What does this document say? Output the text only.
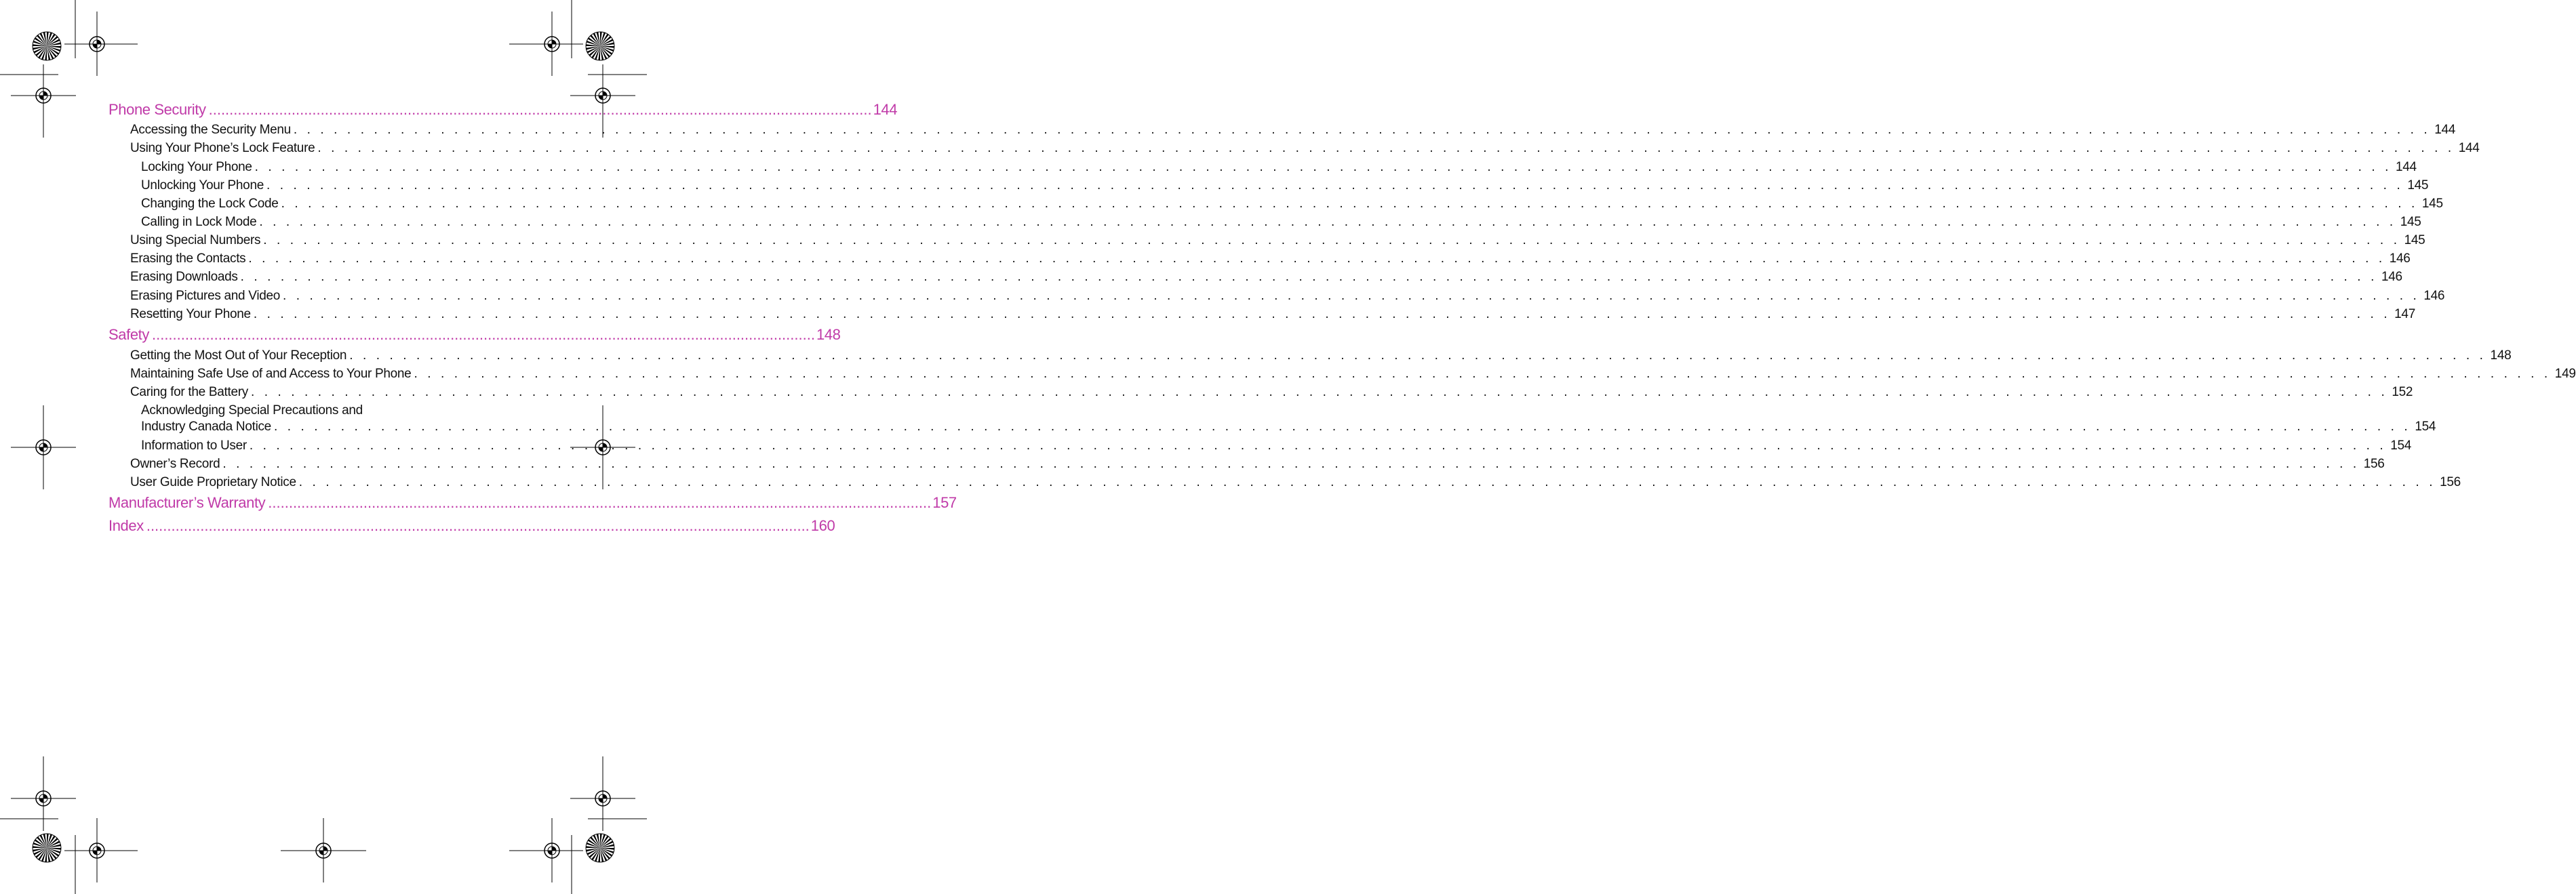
Phone Security ................................................................................................................................................................ 144
Accessing the Security Menu . . . . . . . . . . . . . . . . . . . . . . . . . . . . . . . . . . . . . . . . . . . . . . . . . . . . . . . . . . . . . . . . . . . . . . . . . . . . . . . . . . . . . . . . . . . . . . . . . . . . . . . . . . . . . . . . . . . . . . . . . . . . . . . . . . . . . . . . . . . . . . . . . . . . . . . . . . . . . . . . 144
Using Your Phone’s Lock Feature . . . . . . . . . . . . . . . . . . . . . . . . . . . . . . . . . . . . . . . . . . . . . . . . . . . . . . . . . . . . . . . . . . . . . . . . . . . . . . . . . . . . . . . . . . . . . . . . . . . . . . . . . . . . . . . . . . . . . . . . . . . . . . . . . . . . . . . . . . . . . . . . . . . . . . . . . . . . . . . . 144
Locking Your Phone . . . . . . . . . . . . . . . . . . . . . . . . . . . . . . . . . . . . . . . . . . . . . . . . . . . . . . . . . . . . . . . . . . . . . . . . . . . . . . . . . . . . . . . . . . . . . . . . . . . . . . . . . . . . . . . . . . . . . . . . . . . . . . . . . . . . . . . . . . . . . . . . . . . . . . . . . . . . . . . . 144
Unlocking Your Phone . . . . . . . . . . . . . . . . . . . . . . . . . . . . . . . . . . . . . . . . . . . . . . . . . . . . . . . . . . . . . . . . . . . . . . . . . . . . . . . . . . . . . . . . . . . . . . . . . . . . . . . . . . . . . . . . . . . . . . . . . . . . . . . . . . . . . . . . . . . . . . . . . . . . . . . . . . . . . . . . 145
Changing the Lock Code . . . . . . . . . . . . . . . . . . . . . . . . . . . . . . . . . . . . . . . . . . . . . . . . . . . . . . . . . . . . . . . . . . . . . . . . . . . . . . . . . . . . . . . . . . . . . . . . . . . . . . . . . . . . . . . . . . . . . . . . . . . . . . . . . . . . . . . . . . . . . . . . . . . . . . . . . . . . . . . . 145
Calling in Lock Mode . . . . . . . . . . . . . . . . . . . . . . . . . . . . . . . . . . . . . . . . . . . . . . . . . . . . . . . . . . . . . . . . . . . . . . . . . . . . . . . . . . . . . . . . . . . . . . . . . . . . . . . . . . . . . . . . . . . . . . . . . . . . . . . . . . . . . . . . . . . . . . . . . . . . . . . . . . . . . . . . 145
Using Special Numbers . . . . . . . . . . . . . . . . . . . . . . . . . . . . . . . . . . . . . . . . . . . . . . . . . . . . . . . . . . . . . . . . . . . . . . . . . . . . . . . . . . . . . . . . . . . . . . . . . . . . . . . . . . . . . . . . . . . . . . . . . . . . . . . . . . . . . . . . . . . . . . . . . . . . . . . . . . . . . . . . 145
Erasing the Contacts . . . . . . . . . . . . . . . . . . . . . . . . . . . . . . . . . . . . . . . . . . . . . . . . . . . . . . . . . . . . . . . . . . . . . . . . . . . . . . . . . . . . . . . . . . . . . . . . . . . . . . . . . . . . . . . . . . . . . . . . . . . . . . . . . . . . . . . . . . . . . . . . . . . . . . . . . . . . . . . . 146
Erasing Downloads . . . . . . . . . . . . . . . . . . . . . . . . . . . . . . . . . . . . . . . . . . . . . . . . . . . . . . . . . . . . . . . . . . . . . . . . . . . . . . . . . . . . . . . . . . . . . . . . . . . . . . . . . . . . . . . . . . . . . . . . . . . . . . . . . . . . . . . . . . . . . . . . . . . . . . . . . . . . . . . . 146
Erasing Pictures and Video . . . . . . . . . . . . . . . . . . . . . . . . . . . . . . . . . . . . . . . . . . . . . . . . . . . . . . . . . . . . . . . . . . . . . . . . . . . . . . . . . . . . . . . . . . . . . . . . . . . . . . . . . . . . . . . . . . . . . . . . . . . . . . . . . . . . . . . . . . . . . . . . . . . . . . . . . . . . . . . . 146
Resetting Your Phone . . . . . . . . . . . . . . . . . . . . . . . . . . . . . . . . . . . . . . . . . . . . . . . . . . . . . . . . . . . . . . . . . . . . . . . . . . . . . . . . . . . . . . . . . . . . . . . . . . . . . . . . . . . . . . . . . . . . . . . . . . . . . . . . . . . . . . . . . . . . . . . . . . . . . . . . . . . . . . . . 147
Safety ................................................................................................................................................................ 148
Getting the Most Out of Your Reception . . . . . . . . . . . . . . . . . . . . . . . . . . . . . . . . . . . . . . . . . . . . . . . . . . . . . . . . . . . . . . . . . . . . . . . . . . . . . . . . . . . . . . . . . . . . . . . . . . . . . . . . . . . . . . . . . . . . . . . . . . . . . . . . . . . . . . . . . . . . . . . . . . . . . . . . . . . . . . . . 148
Maintaining Safe Use of and Access to Your Phone . . . . . . . . . . . . . . . . . . . . . . . . . . . . . . . . . . . . . . . . . . . . . . . . . . . . . . . . . . . . . . . . . . . . . . . . . . . . . . . . . . . . . . . . . . . . . . . . . . . . . . . . . . . . . . . . . . . . . . . . . . . . . . . . . . . . . . . . . . . . . . . . . . . . . . . . . . . . . . . . 149
Caring for the Battery . . . . . . . . . . . . . . . . . . . . . . . . . . . . . . . . . . . . . . . . . . . . . . . . . . . . . . . . . . . . . . . . . . . . . . . . . . . . . . . . . . . . . . . . . . . . . . . . . . . . . . . . . . . . . . . . . . . . . . . . . . . . . . . . . . . . . . . . . . . . . . . . . . . . . . . . . . . . . . . . 152
Acknowledging Special Precautions and
Industry Canada Notice . . . . . . . . . . . . . . . . . . . . . . . . . . . . . . . . . . . . . . . . . . . . . . . . . . . . . . . . . . . . . . . . . . . . . . . . . . . . . . . . . . . . . . . . . . . . . . . . . . . . . . . . . . . . . . . . . . . . . . . . . . . . . . . . . . . . . . . . . . . . . . . . . . . . . . . . . . . . . . . . 154
Information to User . . . . . . . . . . . . . . . . . . . . . . . . . . . . . . . . . . . . . . . . . . . . . . . . . . . . . . . . . . . . . . . . . . . . . . . . . . . . . . . . . . . . . . . . . . . . . . . . . . . . . . . . . . . . . . . . . . . . . . . . . . . . . . . . . . . . . . . . . . . . . . . . . . . . . . . . . . . . . . . . 154
Owner’s Record . . . . . . . . . . . . . . . . . . . . . . . . . . . . . . . . . . . . . . . . . . . . . . . . . . . . . . . . . . . . . . . . . . . . . . . . . . . . . . . . . . . . . . . . . . . . . . . . . . . . . . . . . . . . . . . . . . . . . . . . . . . . . . . . . . . . . . . . . . . . . . . . . . . . . . . . . . . . . . . . 156
User Guide Proprietary Notice . . . . . . . . . . . . . . . . . . . . . . . . . . . . . . . . . . . . . . . . . . . . . . . . . . . . . . . . . . . . . . . . . . . . . . . . . . . . . . . . . . . . . . . . . . . . . . . . . . . . . . . . . . . . . . . . . . . . . . . . . . . . . . . . . . . . . . . . . . . . . . . . . . . . . . . . . . . . . . . . 156
Manufacturer’s Warranty ................................................................................................................................................................ 157
Index ................................................................................................................................................................ 160
